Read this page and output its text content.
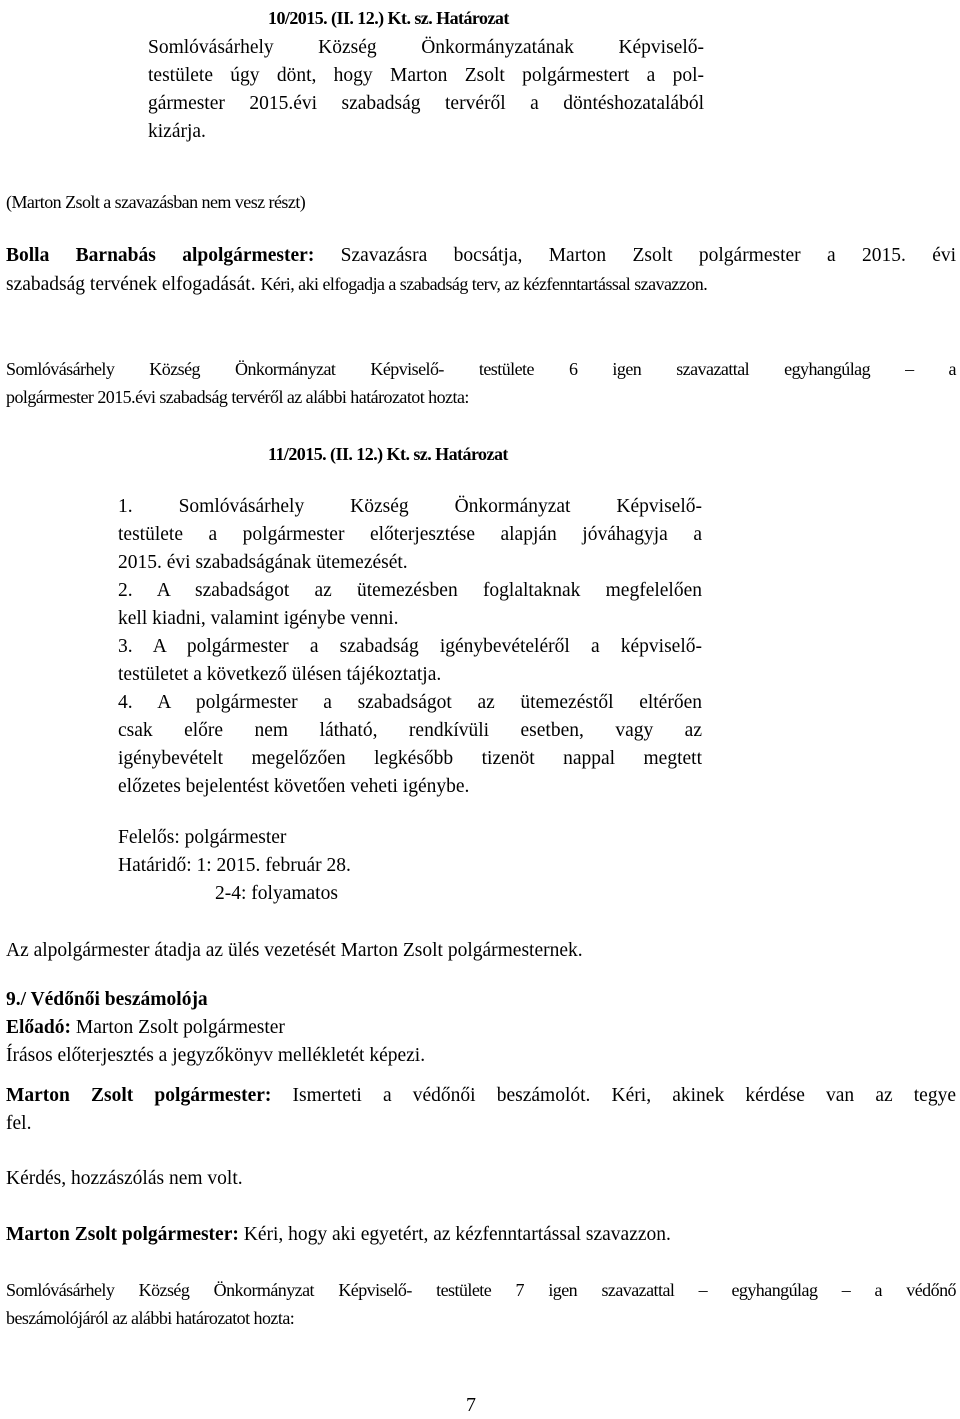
10/2015. (II. 12.) Kt. sz. Határozat
Somlóvásárhely Község Önkormányzatának Képviselő-
testülete úgy dönt, hogy Marton Zsolt polgármestert a pol-
gármester 2015.évi szabadság tervéről a döntéshozatalából
kizárja.
(Marton Zsolt a szavazásban nem vesz részt)
Bolla Barnabás alpolgármester: Szavazásra bocsátja, Marton Zsolt polgármester a 2015. évi
szabadság tervének elfogadását. Kéri, aki elfogadja a szabadság terv, az kézfenntartással szavazzon.
Somlóvásárhely Község Önkormányzat Képviselő- testülete 6 igen szavazattal egyhangúlag – a
polgármester 2015.évi szabadság tervéről az alábbi határozatot hozta:
11/2015. (II. 12.) Kt. sz. Határozat
1. Somlóvásárhely Község Önkormányzat Képviselő-
testülete a polgármester előterjesztése alapján jóváhagyja a
2015. évi szabadságának ütemezését.
2. A szabadságot az ütemezésben foglaltaknak megfelelően
kell kiadni, valamint igénybe venni.
3. A polgármester a szabadság igénybevételéről a képviselő-
testületet a következő ülésen tájékoztatja.
4. A polgármester a szabadságot az ütemezéstől eltérően
csak előre nem látható, rendkívüli esetben, vagy az
igénybevételt megelőzően legkésőbb tizenöt nappal megtett
előzetes bejelentést követően veheti igénybe.
Felelős: polgármester
Határidő: 1: 2015. február 28.
2-4: folyamatos
Az alpolgármester átadja az ülés vezetését Marton Zsolt polgármesternek.
9./ Védőnői beszámolója
Előadó: Marton Zsolt polgármester
Írásos előterjesztés a jegyzőkönyv mellékletét képezi.
Marton Zsolt polgármester: Ismerteti a védőnői beszámolót. Kéri, akinek kérdése van az tegye
fel.
Kérdés, hozzászólás nem volt.
Marton Zsolt polgármester: Kéri, hogy aki egyetért, az kézfenntartással szavazzon.
Somlóvásárhely Község Önkormányzat Képviselő- testülete 7 igen szavazattal – egyhangúlag – a védőnő
beszámolójáról az alábbi határozatot hozta:
7
